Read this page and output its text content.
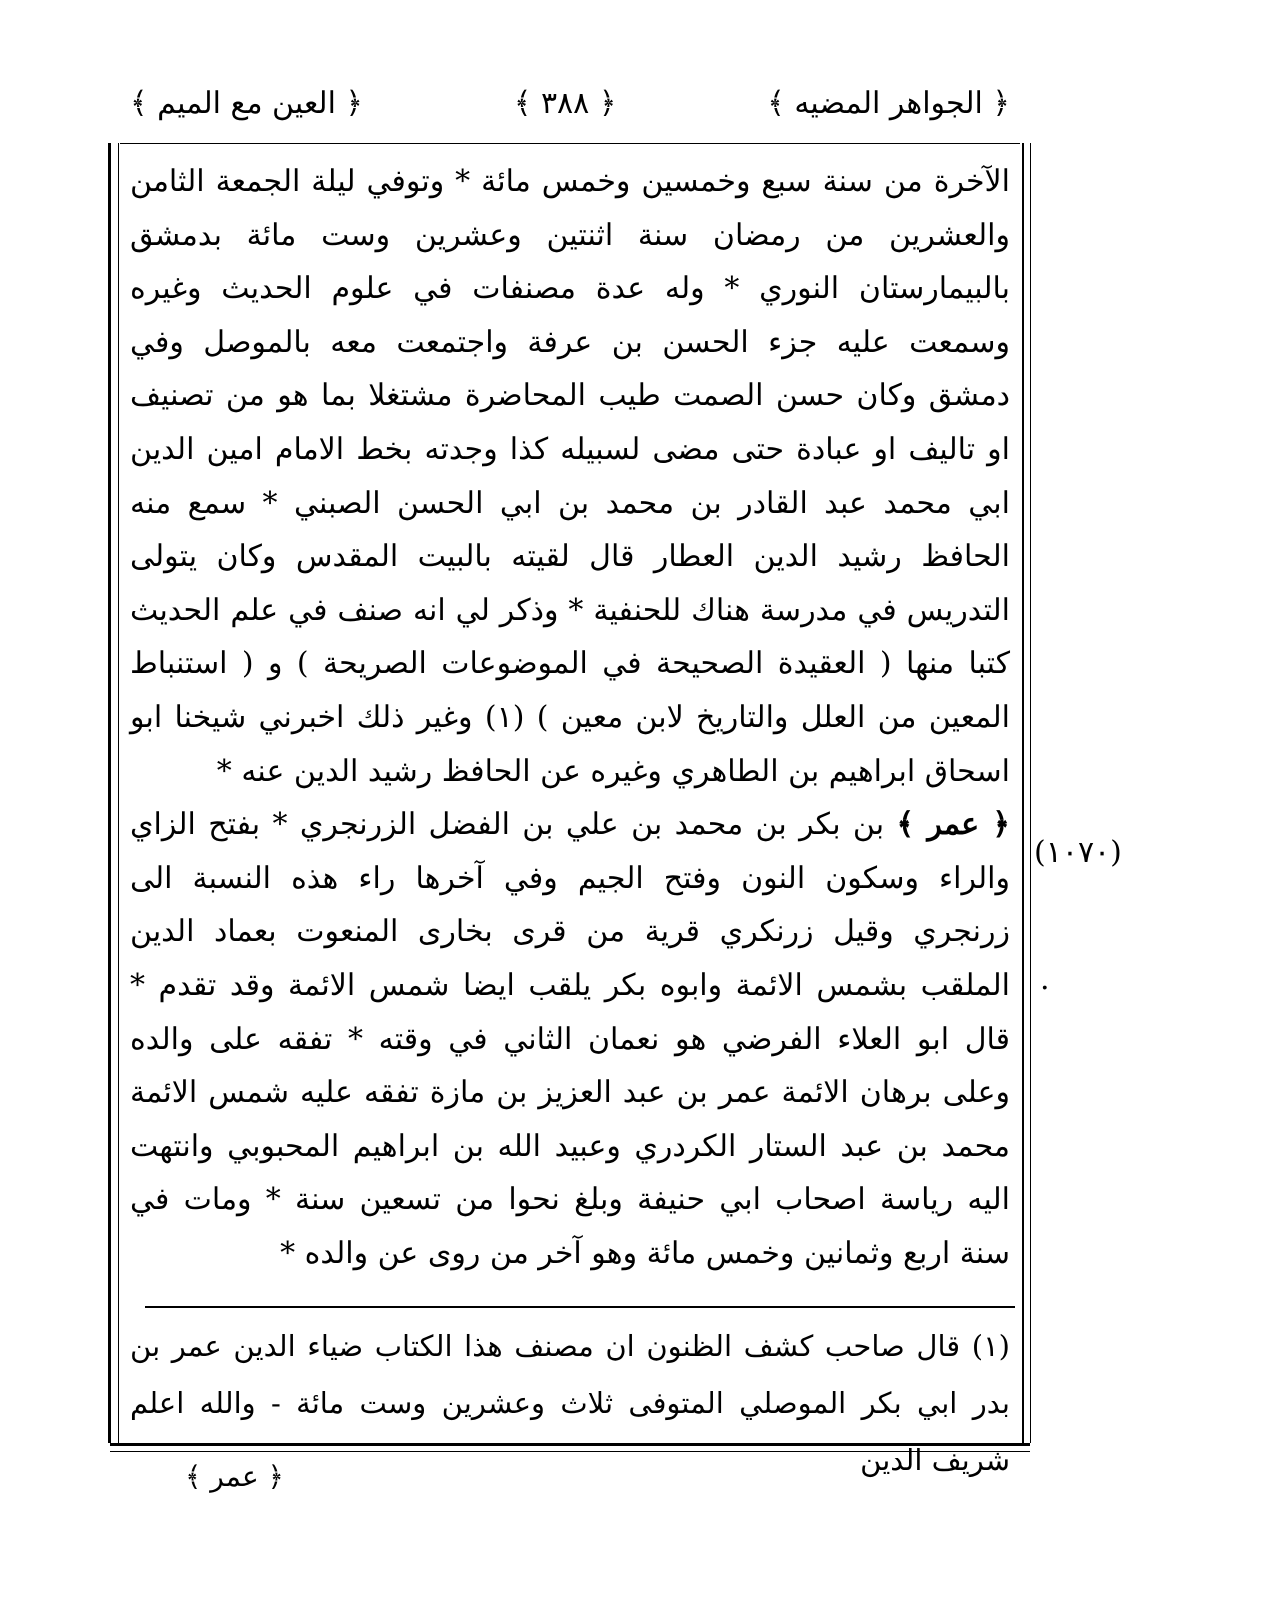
﴿ الجواهر المضيه ﴾
﴿ ٣٨٨ ﴾
﴿ العين مع الميم ﴾

الآخرة من سنة سبع وخمسين وخمس مائة * وتوفي ليلة الجمعة الثامن والعشرين من رمضان سنة اثنتين وعشرين وست مائة بدمشق بالبيمارستان النوري * وله عدة مصنفات في علوم الحديث وغيره وسمعت عليه جزء الحسن بن عرفة واجتمعت معه بالموصل وفي دمشق وكان حسن الصمت طيب المحاضرة مشتغلا بما هو من تصنيف او تاليف او عبادة حتى مضى لسبيله كذا وجدته بخط الامام امين الدين ابي محمد عبد القادر بن محمد بن ابي الحسن الصبني * سمع منه الحافظ رشيد الدين العطار قال لقيته بالبيت المقدس وكان يتولى التدريس في مدرسة هناك للحنفية * وذكر لي انه صنف في علم الحديث كتبا منها ( العقيدة الصحيحة في الموضوعات الصريحة ) و ( استنباط المعين من العلل والتاريخ لابن معين ) (١) وغير ذلك اخبرني شيخنا ابو اسحاق ابراهيم بن الطاهري وغيره عن الحافظ رشيد الدين عنه *

﴿ عمر ﴾ بن بكر بن محمد بن علي بن الفضل الزرنجري * بفتح الزاي والراء وسكون النون وفتح الجيم وفي آخرها راء هذه النسبة الى زرنجري وقيل زرنكري قرية من قرى بخارى المنعوت بعماد الدين الملقب بشمس الائمة وابوه بكر يلقب ايضا شمس الائمة وقد تقدم * قال ابو العلاء الفرضي هو نعمان الثاني في وقته * تفقه على والده وعلى برهان الائمة عمر بن عبد العزيز بن مازة تفقه عليه شمس الائمة محمد بن عبد الستار الكردري وعبيد الله بن ابراهيم المحبوبي وانتهت اليه رياسة اصحاب ابي حنيفة وبلغ نحوا من تسعين سنة * ومات في سنة اربع وثمانين وخمس مائة وهو آخر من روى عن والده *

(١٠٧٠)
.

(١) قال صاحب كشف الظنون ان مصنف هذا الكتاب ضياء الدين عمر بن بدر ابي بكر الموصلي المتوفى ثلاث وعشرين وست مائة - والله اعلم شريف الدين

﴿ عمر ﴾
